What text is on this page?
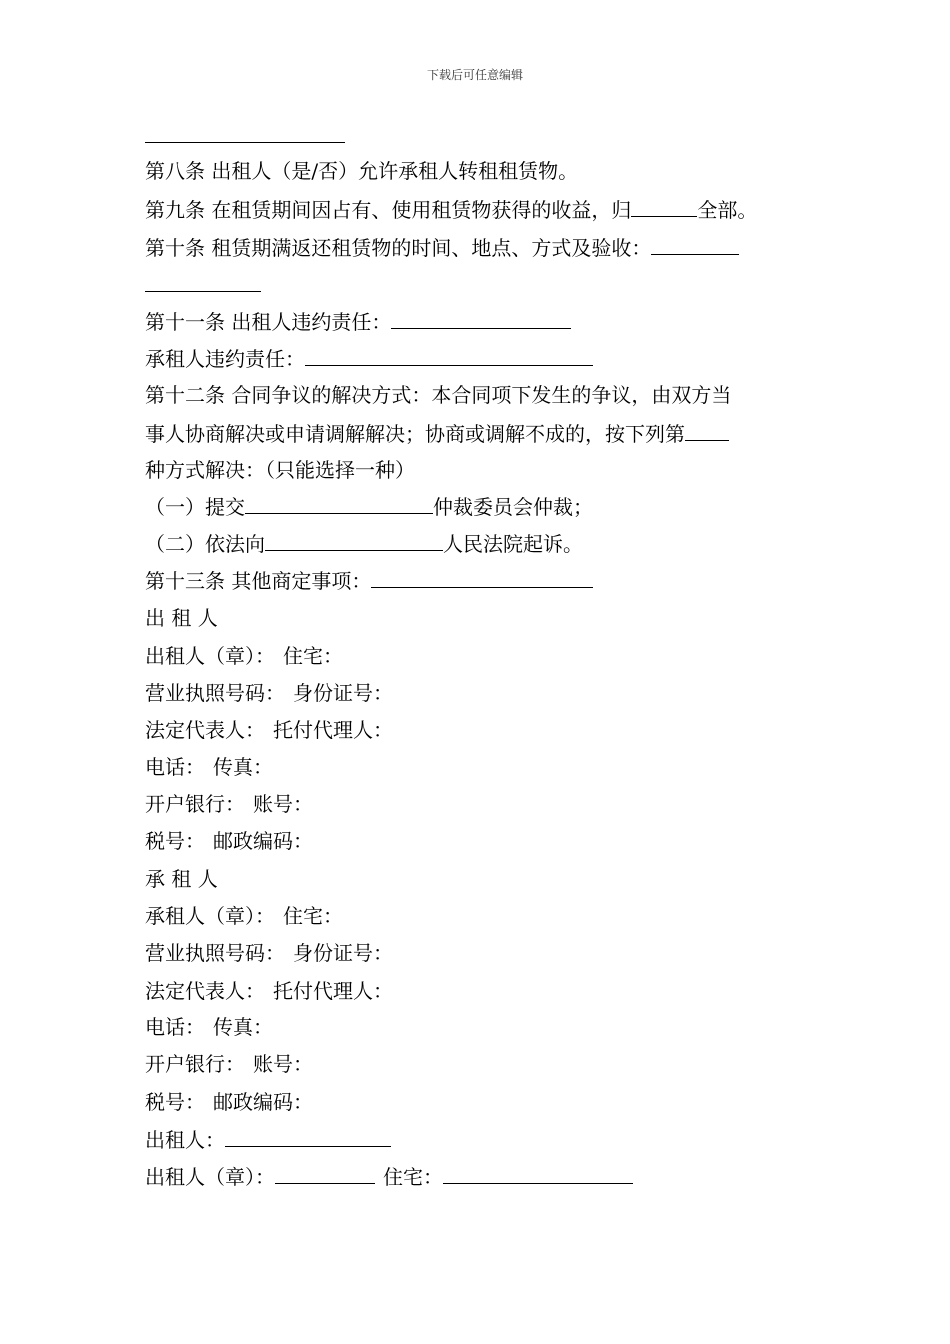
下载后可任意编辑
第八条 出租人（是/否）允许承租人转租租赁物。
第九条 在租赁期间因占有、使用租赁物获得的收益，归	全部。
第十条 租赁期满返还租赁物的时间、地点、方式及验收：
第十一条 出租人违约责任：
承租人违约责任：
第十二条 合同争议的解决方式：本合同项下发生的争议，由双方当
事人协商解决或申请调解解决；协商或调解不成的，按下列第
种方式解决：（只能选择一种）
（一）提交	仲裁委员会仲裁；
（二）依法向	人民法院起诉。
第十三条 其他商定事项：
出 租 人
出租人（章）： 住宅：
营业执照号码： 身份证号：
法定代表人： 托付代理人：
电话： 传真：
开户银行： 账号：
税号： 邮政编码：
承 租 人
承租人（章）： 住宅：
营业执照号码： 身份证号：
法定代表人： 托付代理人：
电话： 传真：
开户银行： 账号：
税号： 邮政编码：
出租人：
出租人（章）：	住宅：
